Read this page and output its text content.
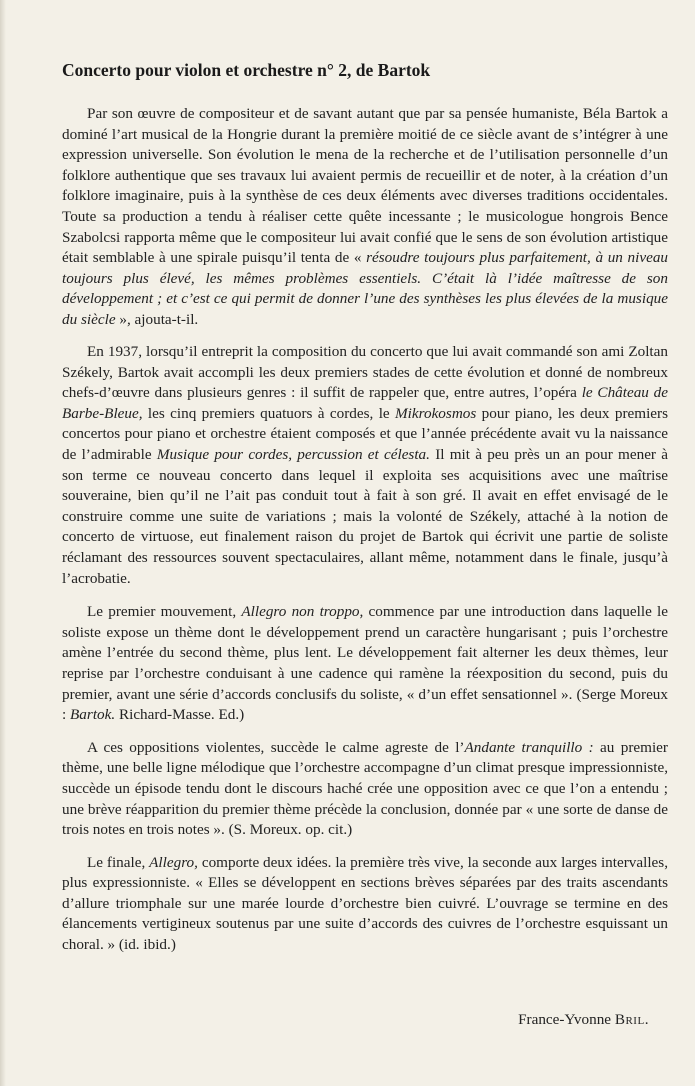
Concerto pour violon et orchestre n° 2, de Bartok

Par son œuvre de compositeur et de savant autant que par sa pensée humaniste, Béla Bartok a dominé l’art musical de la Hongrie durant la première moitié de ce siècle avant de s’intégrer à une expression universelle. Son évolution le mena de la recherche et de l’utilisation personnelle d’un folklore authentique que ses travaux lui avaient permis de recueillir et de noter, à la création d’un folklore imaginaire, puis à la synthèse de ces deux éléments avec diverses traditions occidentales. Toute sa production a tendu à réaliser cette quête incessante ; le musicologue hongrois Bence Szabolcsi rapporta même que le compositeur lui avait confié que le sens de son évolution artistique était semblable à une spirale puisqu’il tenta de « résoudre toujours plus parfaitement, à un niveau toujours plus élevé, les mêmes problèmes essentiels. C’était là l’idée maîtresse de son développement ; et c’est ce qui permit de donner l’une des synthèses les plus élevées de la musique du siècle », ajouta-t-il.

En 1937, lorsqu’il entreprit la composition du concerto que lui avait commandé son ami Zoltan Székely, Bartok avait accompli les deux premiers stades de cette évolution et donné de nombreux chefs-d’œuvre dans plusieurs genres : il suffit de rappeler que, entre autres, l’opéra le Château de Barbe-Bleue, les cinq premiers quatuors à cordes, le Mikrokosmos pour piano, les deux premiers concertos pour piano et orchestre étaient composés et que l’année précédente avait vu la naissance de l’admirable Musique pour cordes, percussion et célesta. Il mit à peu près un an pour mener à son terme ce nouveau concerto dans lequel il exploita ses acquisitions avec une maîtrise souveraine, bien qu’il ne l’ait pas conduit tout à fait à son gré. Il avait en effet envisagé de le construire comme une suite de variations ; mais la volonté de Székely, attaché à la notion de concerto de virtuose, eut finalement raison du projet de Bartok qui écrivit une partie de soliste réclamant des ressources souvent spectaculaires, allant même, notamment dans le finale, jusqu’à l’acrobatie.

Le premier mouvement, Allegro non troppo, commence par une introduction dans laquelle le soliste expose un thème dont le développement prend un caractère hungarisant ; puis l’orchestre amène l’entrée du second thème, plus lent. Le développement fait alterner les deux thèmes, leur reprise par l’orchestre conduisant à une cadence qui ramène la réexposition du second, puis du premier, avant une série d’accords conclusifs du soliste, « d’un effet sensationnel ». (Serge Moreux : Bartok. Richard-Masse. Ed.)

A ces oppositions violentes, succède le calme agreste de l’Andante tranquillo : au premier thème, une belle ligne mélodique que l’orchestre accompagne d’un climat presque impressionniste, succède un épisode tendu dont le discours haché crée une opposition avec ce que l’on a entendu ; une brève réapparition du premier thème précède la conclusion, donnée par « une sorte de danse de trois notes en trois notes ». (S. Moreux. op. cit.)

Le finale, Allegro, comporte deux idées. la première très vive, la seconde aux larges intervalles, plus expressionniste. « Elles se développent en sections brèves séparées par des traits ascendants d’allure triomphale sur une marée lourde d’orchestre bien cuivré. L’ouvrage se termine en des élancements vertigineux soutenus par une suite d’accords des cuivres de l’orchestre esquissant un choral. » (id. ibid.)

France-Yvonne Bril.
